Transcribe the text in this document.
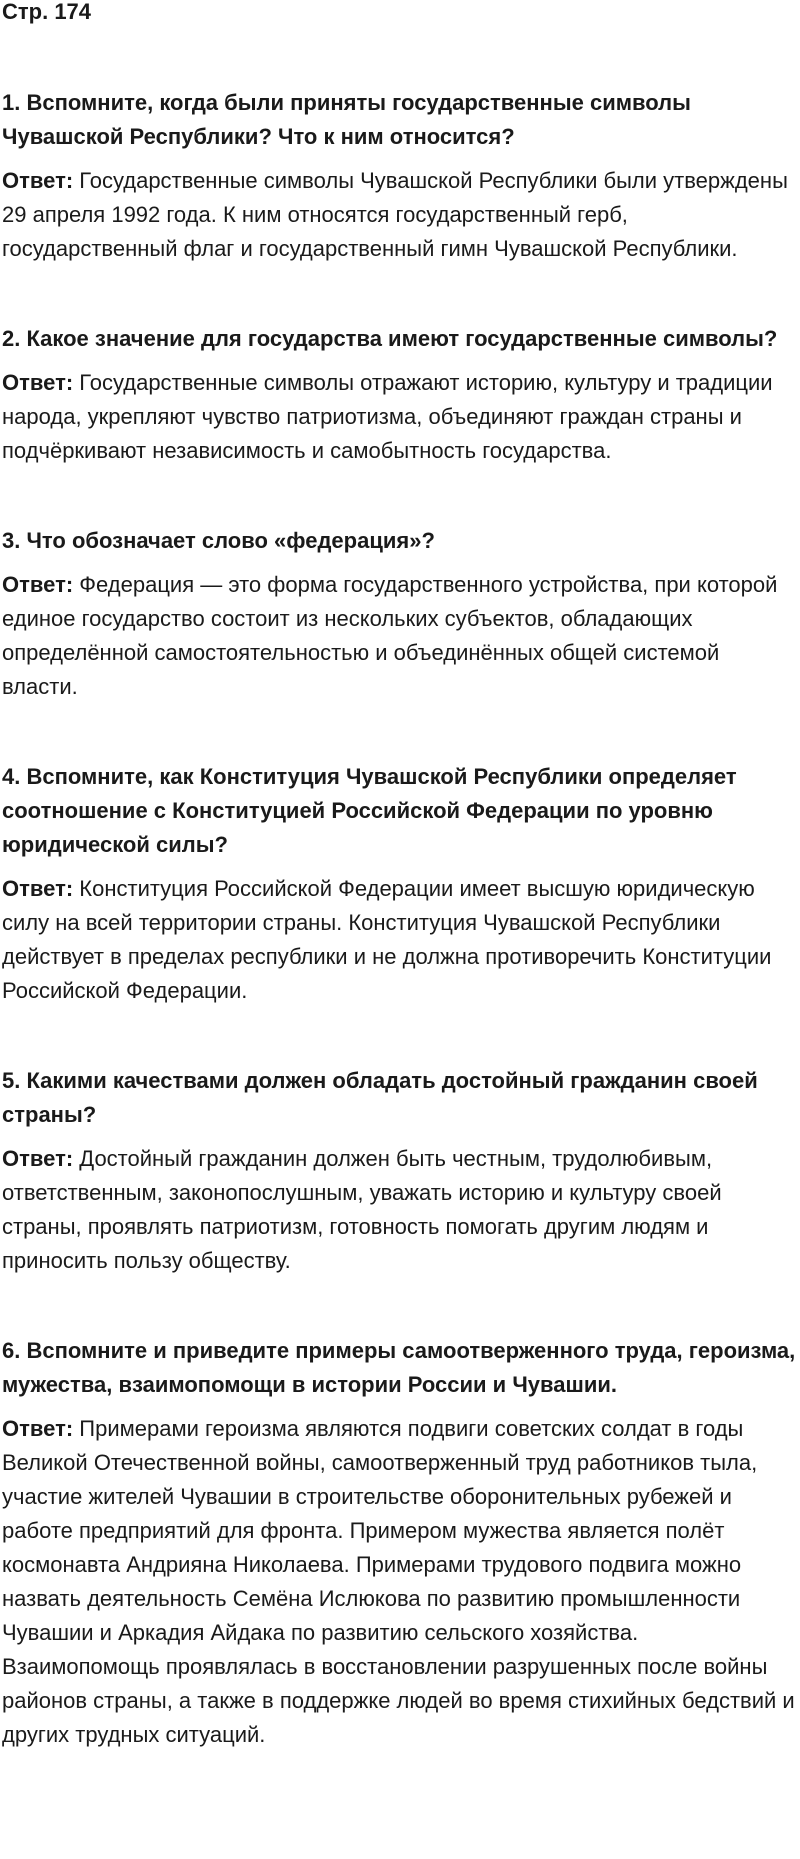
Стр. 174

1. Вспомните, когда были приняты государственные символы Чувашской Республики? Что к ним относится?

Ответ: Государственные символы Чувашской Республики были утверждены 29 апреля 1992 года. К ним относятся государственный герб, государственный флаг и государственный гимн Чувашской Республики.

2. Какое значение для государства имеют государственные символы?

Ответ: Государственные символы отражают историю, культуру и традиции народа, укрепляют чувство патриотизма, объединяют граждан страны и подчёркивают независимость и самобытность государства.

3. Что обозначает слово «федерация»?

Ответ: Федерация — это форма государственного устройства, при которой единое государство состоит из нескольких субъектов, обладающих определённой самостоятельностью и объединённых общей системой власти.

4. Вспомните, как Конституция Чувашской Республики определяет соотношение с Конституцией Российской Федерации по уровню юридической силы?

Ответ: Конституция Российской Федерации имеет высшую юридическую силу на всей территории страны. Конституция Чувашской Республики действует в пределах республики и не должна противоречить Конституции Российской Федерации.

5. Какими качествами должен обладать достойный гражданин своей страны?

Ответ: Достойный гражданин должен быть честным, трудолюбивым, ответственным, законопослушным, уважать историю и культуру своей страны, проявлять патриотизм, готовность помогать другим людям и приносить пользу обществу.

6. Вспомните и приведите примеры самоотверженного труда, героизма, мужества, взаимопомощи в истории России и Чувашии.

Ответ: Примерами героизма являются подвиги советских солдат в годы Великой Отечественной войны, самоотверженный труд работников тыла, участие жителей Чувашии в строительстве оборонительных рубежей и работе предприятий для фронта. Примером мужества является полёт космонавта Андрияна Николаева. Примерами трудового подвига можно назвать деятельность Семёна Ислюкова по развитию промышленности Чувашии и Аркадия Айдака по развитию сельского хозяйства. Взаимопомощь проявлялась в восстановлении разрушенных после войны районов страны, а также в поддержке людей во время стихийных бедствий и других трудных ситуаций.
